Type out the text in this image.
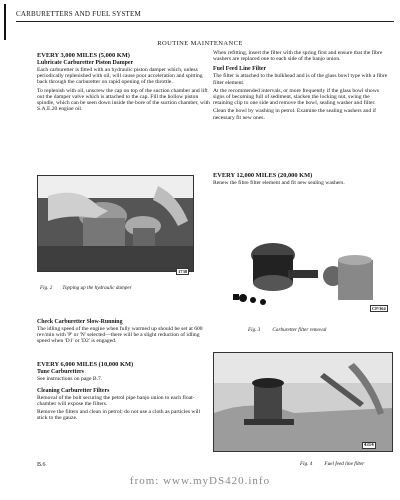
CARBURETTERS AND FUEL SYSTEM
ROUTINE MAINTENANCE
EVERY 3,000 MILES (5,000 KM)
Lubricate Carburetter Piston Damper
Each carburetter is fitted with an hydraulic piston damper which, unless periodically replenished with oil, will cause poor acceleration and spitting back through the carburetter on rapid opening of the throttle.
To replenish with oil, unscrew the cap on top of the suction chamber and lift out the damper valve which is attached to the cap. Fill the hollow piston spindle, which can be seen down inside the bore of the suction chamber, with S.A.E.20 engine oil.
When refitting, insert the filter with the spring first and ensure that the fibre washers are replaced one to each side of the banjo union.
Fuel Feed Line Filter
The filter is attached to the bulkhead and is of the glass bowl type with a fibre filter element.
At the recommended intervals, or more frequently if the glass bowl shows signs of becoming full of sediment, slacken the locking nut, swing the retaining clip to one side and remove the bowl, sealing washer and filter.
Clean the bowl by washing in petrol. Examine the sealing washers and if necessary fit new ones.
Fig. 2 Topping up the hydraulic damper
1738
Check Carburetter Slow-Running
The idling speed of the engine when fully warmed up should be set at 600 rev/min with 'P' or 'N' selected—there will be a slight reduction of idling speed when 'D1' or 'D2' is engaged.
EVERY 6,000 MILES (10,000 KM)
Tune Carburetters
See instructions on page B.7.
Cleaning Carburetter Filters
Removal of the bolt securing the petrol pipe banjo union to each float-chamber will expose the filters.
Remove the filters and clean in petrol; do not use a cloth as particles will stick to the gauze.
EVERY 12,000 MILES (20,000 KM)
Renew the fibre filter element and fit new sealing washers.
CP/364
Fig. 3 Carburetter filter removal
4314
Fig. 4 Fuel feed line filter
B.6
from: www.myDS420.info
